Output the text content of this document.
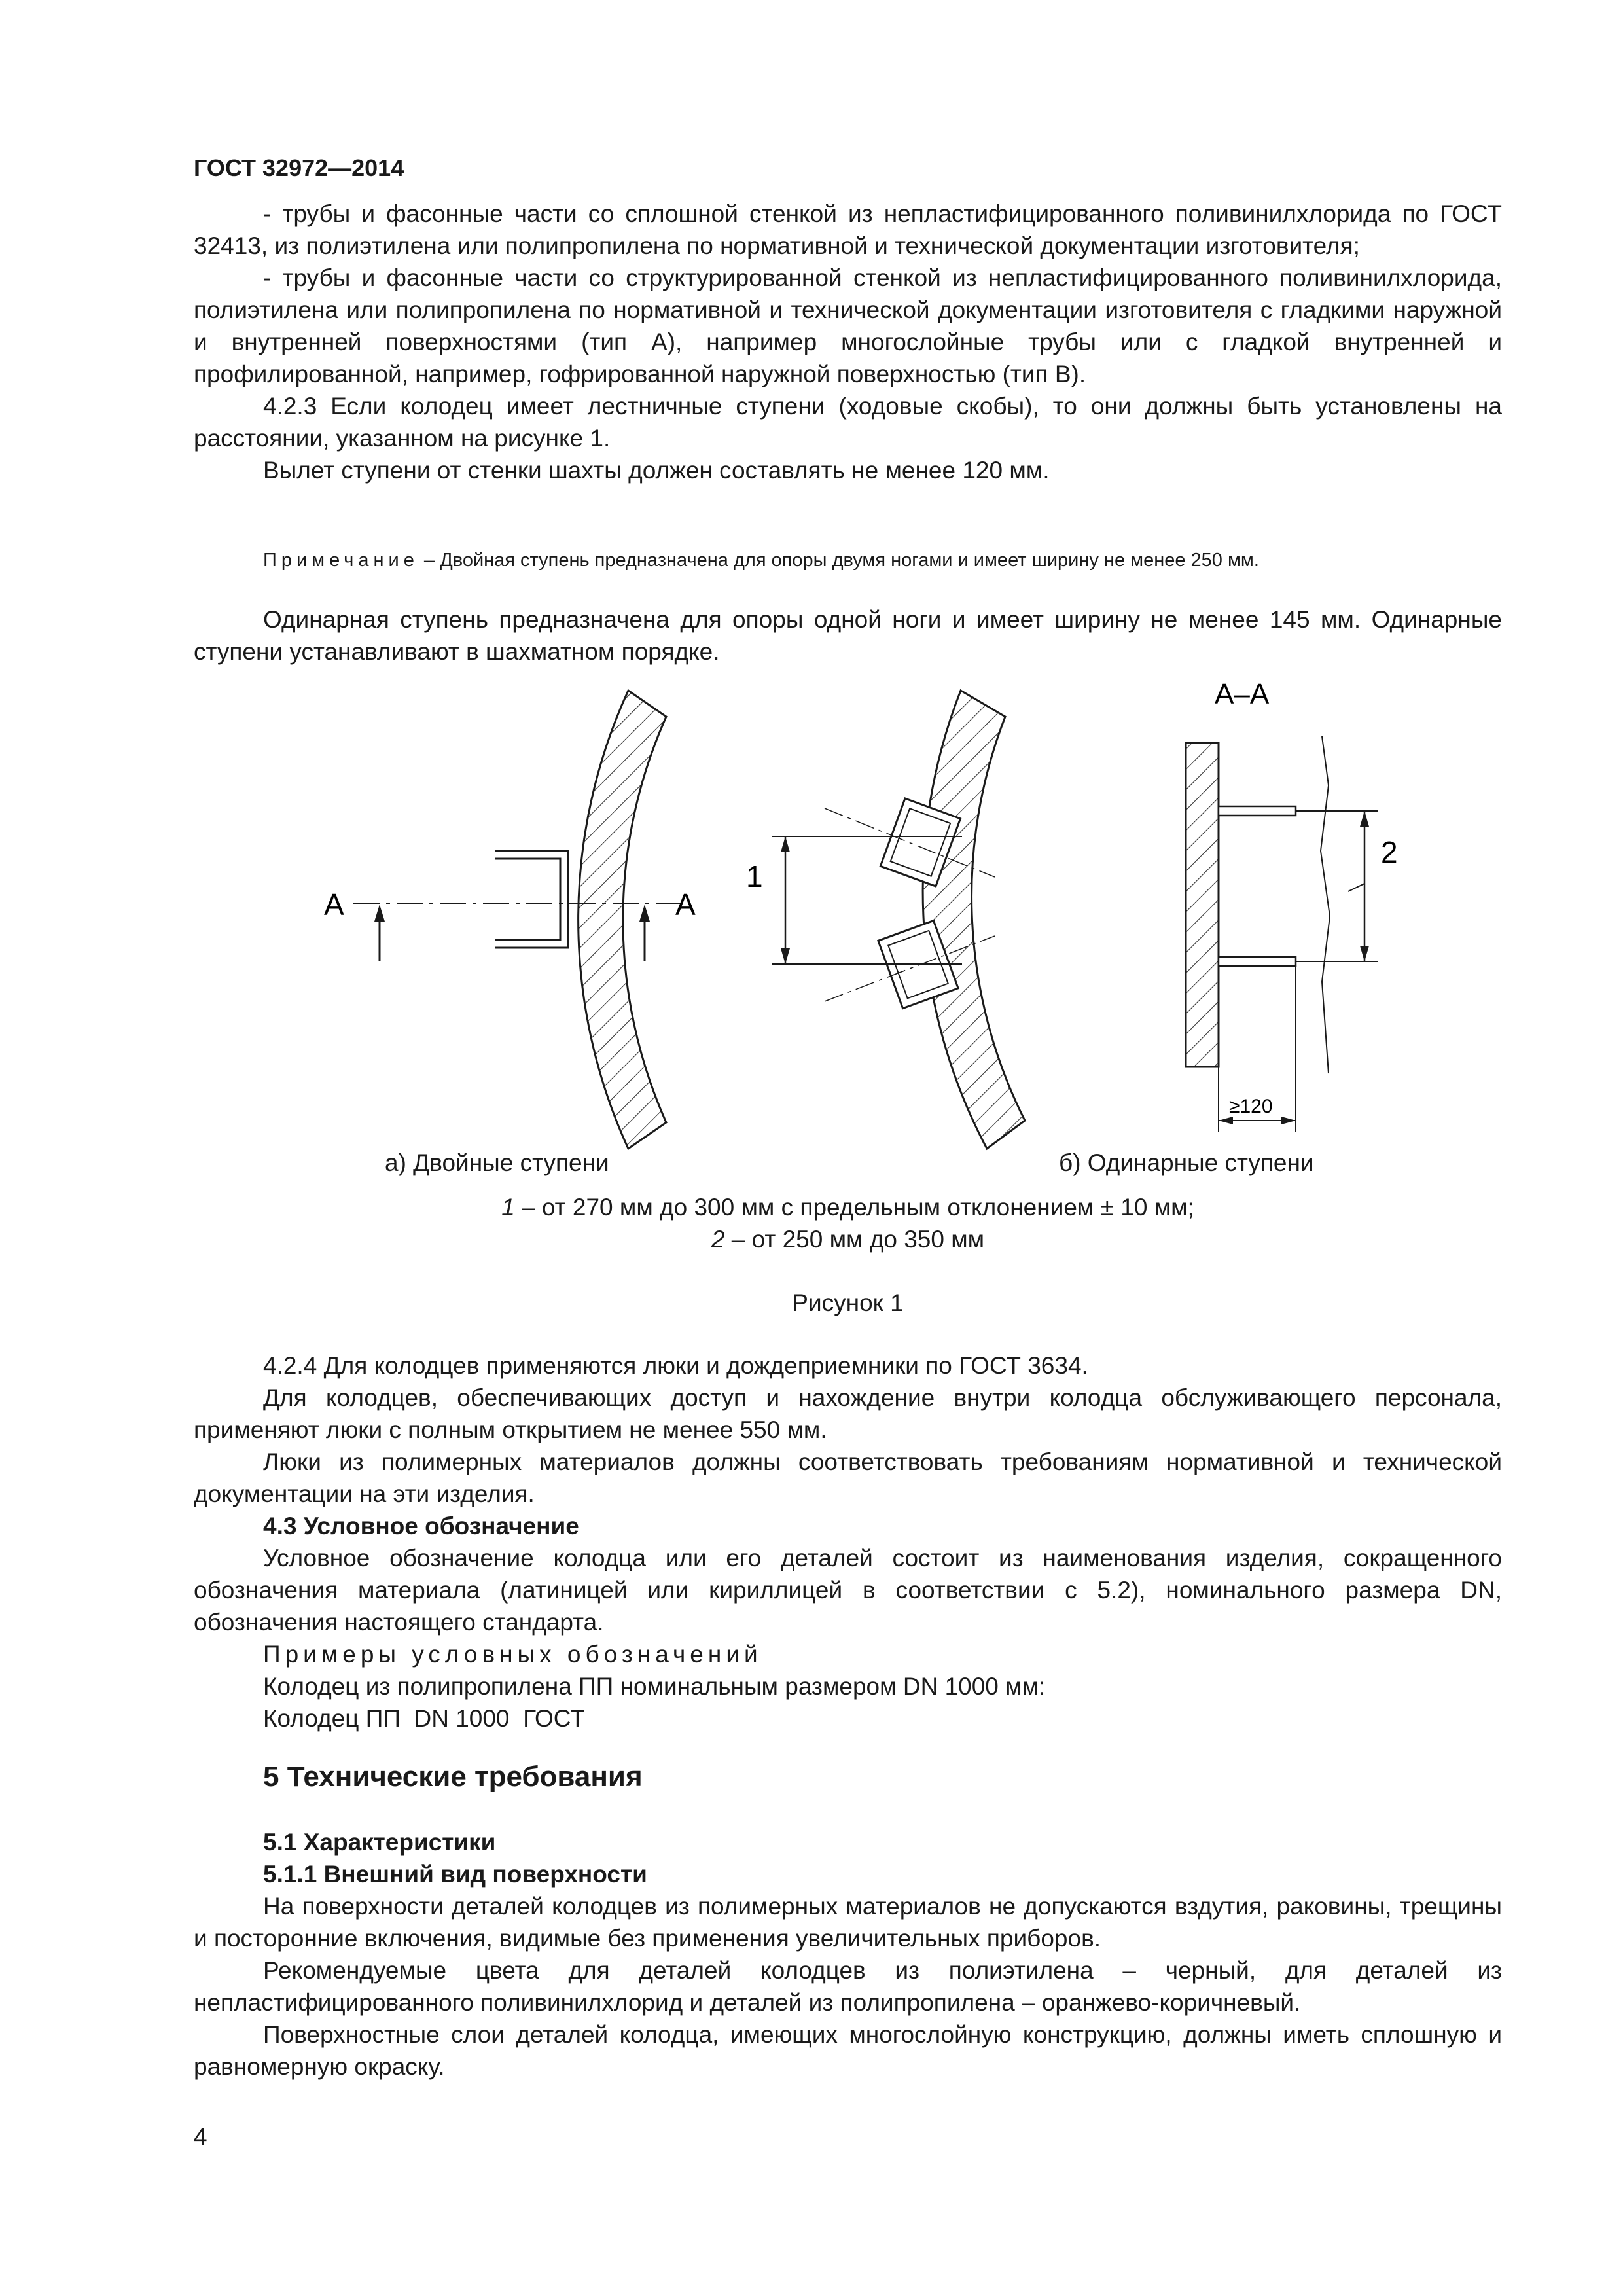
ГОСТ 32972—2014

- трубы и фасонные части со сплошной стенкой из непластифицированного поливинилхлорида по ГОСТ 32413, из полиэтилена или полипропилена по нормативной и технической документации изготовителя;

- трубы и фасонные части со структурированной стенкой из непластифицированного поливинилхлорида, полиэтилена или полипропилена по нормативной и технической документации изготовителя с гладкими наружной и внутренней поверхностями (тип А), например многослойные трубы или с гладкой внутренней и профилированной, например, гофрированной наружной поверхностью (тип В).

4.2.3 Если колодец имеет лестничные ступени (ходовые скобы), то они должны быть установлены на расстоянии, указанном на рисунке 1.

Вылет ступени от стенки шахты должен составлять не менее 120 мм.

Примечание – Двойная ступень предназначена для опоры двумя ногами и имеет ширину не менее 250 мм.

Одинарная ступень предназначена для опоры одной ноги и имеет ширину не менее 145 мм. Одинарные ступени устанавливают в шахматном порядке.

А	А
1
А–А
2
≥120
а) Двойные ступени	б) Одинарные ступени
1 – от 270 мм до 300 мм с предельным отклонением ± 10 мм;
2 – от 250 мм до 350 мм
Рисунок 1

4.2.4 Для колодцев применяются люки и дождеприемники по ГОСТ 3634.

Для колодцев, обеспечивающих доступ и нахождение внутри колодца обслуживающего персонала, применяют люки с полным открытием не менее 550 мм.

Люки из полимерных материалов должны соответствовать требованиям нормативной и технической документации на эти изделия.

4.3 Условное обозначение

Условное обозначение колодца или его деталей состоит из наименования изделия, сокращенного обозначения материала (латиницей или кириллицей в соответствии с 5.2), номинального размера DN, обозначения настоящего стандарта.

Примеры условных обозначений

Колодец из полипропилена ПП номинальным размером DN 1000 мм:

Колодец ПП  DN 1000  ГОСТ

5 Технические требования

5.1 Характеристики

5.1.1 Внешний вид поверхности

На поверхности деталей колодцев из полимерных материалов не допускаются вздутия, раковины, трещины и посторонние включения, видимые без применения увеличительных приборов.

Рекомендуемые цвета для деталей колодцев из полиэтилена – черный, для деталей из непластифицированного поливинилхлорид и деталей из полипропилена – оранжево-коричневый.

Поверхностные слои деталей колодца, имеющих многослойную конструкцию, должны иметь сплошную и равномерную окраску.

4
